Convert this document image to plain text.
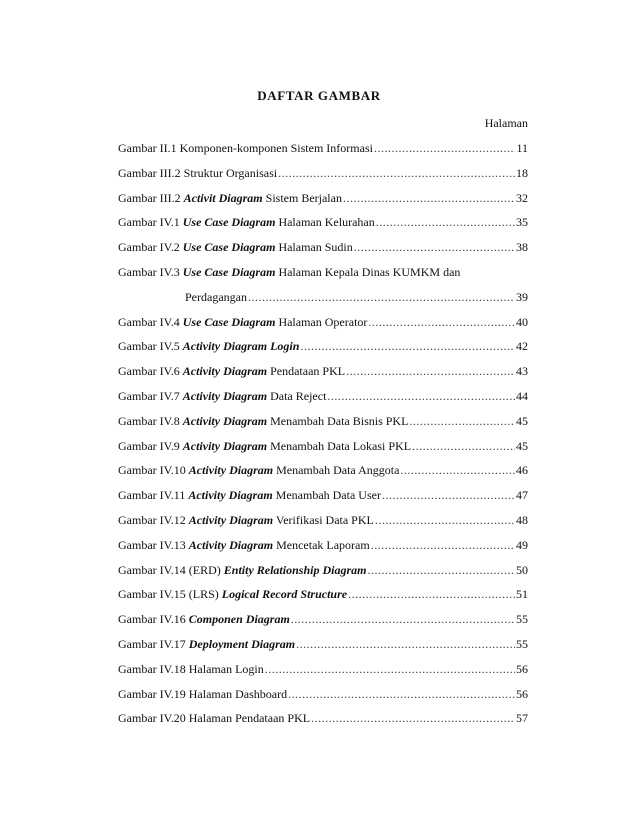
DAFTAR GAMBAR
Halaman
Gambar II.1 Komponen-komponen Sistem Informasi .....	11
Gambar III.2 Struktur Organisasi .....	18
Gambar III.2 Activit Diagram Sistem Berjalan .....	32
Gambar IV.1 Use Case Diagram Halaman Kelurahan .....	35
Gambar IV.2 Use Case Diagram Halaman Sudin .....	38
Gambar IV.3 Use Case Diagram Halaman Kepala Dinas KUMKM dan
Perdagangan .....	39
Gambar IV.4 Use Case Diagram Halaman Operator .....	40
Gambar IV.5 Activity Diagram Login .....	42
Gambar IV.6 Activity Diagram Pendataan PKL .....	43
Gambar IV.7 Activity Diagram Data Reject .....	44
Gambar IV.8 Activity Diagram Menambah Data Bisnis PKL .....	45
Gambar IV.9 Activity Diagram Menambah Data Lokasi PKL .....	45
Gambar IV.10 Activity Diagram Menambah Data Anggota .....	46
Gambar IV.11 Activity Diagram Menambah Data User .....	47
Gambar IV.12 Activity Diagram Verifikasi Data PKL .....	48
Gambar IV.13 Activity Diagram Mencetak Laporam .....	49
Gambar IV.14 (ERD) Entity Relationship Diagram .....	50
Gambar IV.15 (LRS) Logical Record Structure .....	51
Gambar IV.16 Componen Diagram .....	55
Gambar IV.17 Deployment Diagram .....	55
Gambar IV.18 Halaman Login .....	56
Gambar IV.19 Halaman Dashboard .....	56
Gambar IV.20 Halaman Pendataan PKL .....	57
